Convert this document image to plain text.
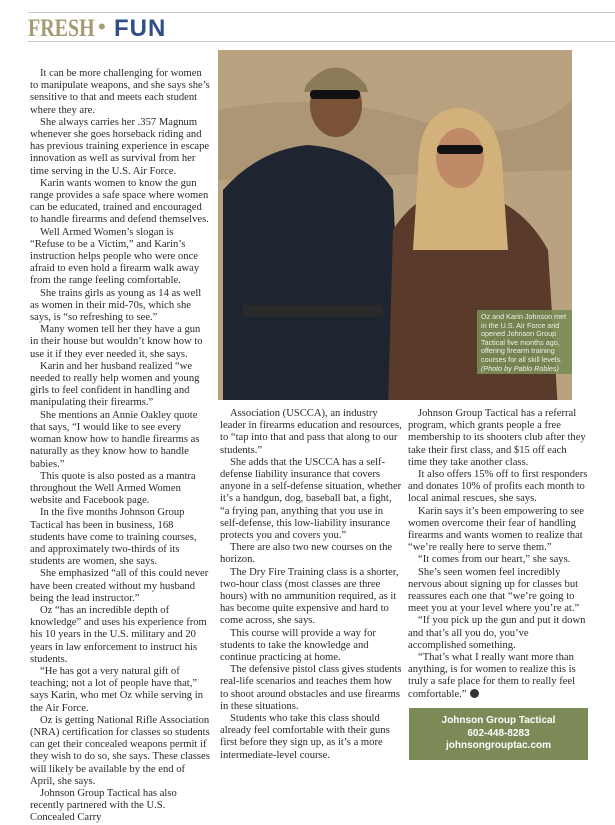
FRESH • FUN

It can be more challenging for women to manipulate weapons, and she says she’s sensitive to that and meets each student where they are.

She always carries her .357 Magnum whenever she goes horseback riding and has previous training experience in escape innovation as well as survival from her time serving in the U.S. Air Force.

Karin wants women to know the gun range provides a safe space where women can be educated, trained and encouraged to handle firearms and defend themselves.

Well Armed Women’s slogan is “Refuse to be a Victim,” and Karin’s instruction helps people who were once afraid to even hold a firearm walk away from the range feeling comfortable.

She trains girls as young as 14 as well as women in their mid-70s, which she says, is “so refreshing to see.”

Many women tell her they have a gun in their house but wouldn’t know how to use it if they ever needed it, she says.

Karin and her husband realized “we needed to really help women and young girls to feel confident in handling and manipulating their firearms.”

She mentions an Annie Oakley quote that says, “I would like to see every woman know how to handle firearms as naturally as they know how to handle babies.”

This quote is also posted as a mantra throughout the Well Armed Women website and Facebook page.

In the five months Johnson Group Tactical has been in business, 168 students have come to training courses, and approximately two-thirds of its students are women, she says.

She emphasized “all of this could never have been created without my husband being the lead instructor.”

Oz “has an incredible depth of knowledge” and uses his experience from his 10 years in the U.S. military and 20 years in law enforcement to instruct his students.

“He has got a very natural gift of teaching; not a lot of people have that,” says Karin, who met Oz while serving in the Air Force.

Oz is getting National Rifle Association (NRA) certification for classes so students can get their concealed weapons permit if they wish to do so, she says. These classes will likely be available by the end of April, she says.

Johnson Group Tactical has also recently partnered with the U.S. Concealed Carry

Oz and Karin Johnson met in the U.S. Air Force and opened Johnson Group Tactical five months ago, offering firearm training courses for all skill levels.
(Photo by Pablo Robles)

Association (USCCA), an industry leader in firearms education and resources, to “tap into that and pass that along to our students.”

She adds that the USCCA has a self-defense liability insurance that covers anyone in a self-defense situation, whether it’s a handgun, dog, baseball bat, a fight, “a frying pan, anything that you use in self-defense, this low-liability insurance protects you and covers you.”

There are also two new courses on the horizon.

The Dry Fire Training class is a shorter, two-hour class (most classes are three hours) with no ammunition required, as it has become quite expensive and hard to come across, she says.

This course will provide a way for students to take the knowledge and continue practicing at home.

The defensive pistol class gives students real-life scenarios and teaches them how to shoot around obstacles and use firearms in these situations.

Students who take this class should already feel comfortable with their guns first before they sign up, as it’s a more intermediate-level course.

Johnson Group Tactical has a referral program, which grants people a free membership to its shooters club after they take their first class, and $15 off each time they take another class.

It also offers 15% off to first responders and donates 10% of profits each month to local animal rescues, she says.

Karin says it’s been empowering to see women overcome their fear of handling firearms and wants women to realize that “we’re really here to serve them.”

“It comes from our heart,” she says.

She’s seen women feel incredibly nervous about signing up for classes but reassures each one that “we’re going to meet you at your level where you’re at.”

“If you pick up the gun and put it down and that’s all you do, you’ve accomplished something.

“That’s what I really want more than anything, is for women to realize this is truly a safe place for them to really feel comfortable.”

Johnson Group Tactical
602-448-8283
johnsongrouptac.com
